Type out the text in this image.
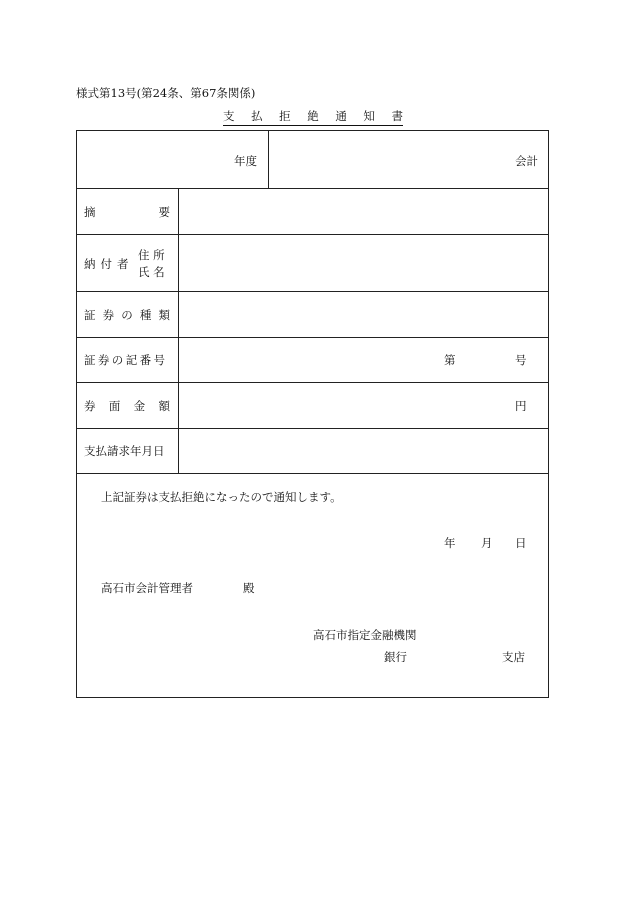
様式第13号(第24条、第67条関係)
支 払 拒 絶 通 知 書
年度	会計
摘	要
納付者
住 所
氏 名
証 券 の 種 類
証券の記番号	第	号
券 面 金 額	円
支払請求年月日
上記証券は支払拒絶になったので通知します。
年 月 日
高石市会計管理者	殿
高石市指定金融機関
銀行	支店
